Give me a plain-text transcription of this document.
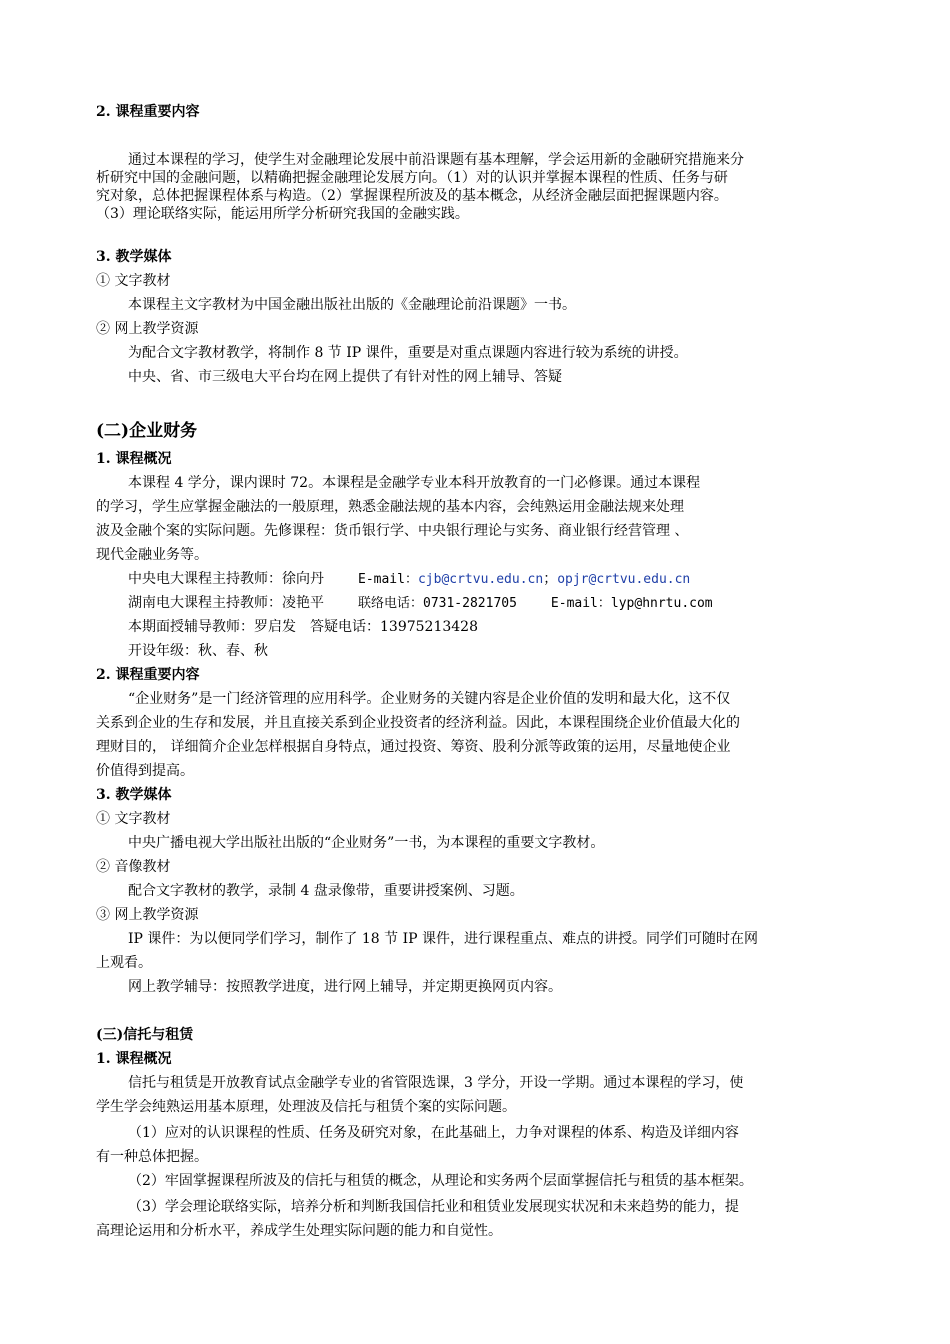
2. 课程重要内容
通过本课程的学习，使学生对金融理论发展中前沿课题有基本理解，学会运用新的金融研究措施来分
析研究中国的金融问题，以精确把握金融理论发展方向。（1）对的认识并掌握本课程的性质、任务与研
究对象，总体把握课程体系与构造。（2）掌握课程所波及的基本概念，从经济金融层面把握课题内容。
（3）理论联络实际，能运用所学分析研究我国的金融实践。
3. 教学媒体
① 文字教材
本课程主文字教材为中国金融出版社出版的《金融理论前沿课题》一书。
② 网上教学资源
为配合文字教材教学，将制作 8 节 IP 课件，重要是对重点课题内容进行较为系统的讲授。
中央、省、市三级电大平台均在网上提供了有针对性的网上辅导、答疑
(二)企业财务
1. 课程概况
本课程 4 学分，课内课时 72。本课程是金融学专业本科开放教育的一门必修课。通过本课程
的学习，学生应掌握金融法的一般原理，熟悉金融法规的基本内容，会纯熟运用金融法规来处理
波及金融个案的实际问题。先修课程：货币银行学、中央银行理论与实务、商业银行经营管理 、
现代金融业务等。
中央电大课程主持教师：徐向丹	E-mail：cjb@crtvu.edu.cn；opjr@crtvu.edu.cn
湖南电大课程主持教师：凌艳平	联络电话：0731-2821705	E-mail：lyp@hnrtu.com
本期面授辅导教师：罗启发 答疑电话：13975213428
开设年级：秋、春、秋
2. 课程重要内容
“企业财务”是一门经济管理的应用科学。企业财务的关键内容是企业价值的发明和最大化，这不仅
关系到企业的生存和发展，并且直接关系到企业投资者的经济利益。因此，本课程围绕企业价值最大化的
理财目的， 详细简介企业怎样根据自身特点，通过投资、筹资、股利分派等政策的运用，尽量地使企业
价值得到提高。
3. 教学媒体
① 文字教材
中央广播电视大学出版社出版的“企业财务”一书，为本课程的重要文字教材。
② 音像教材
配合文字教材的教学，录制 4 盘录像带，重要讲授案例、习题。
③ 网上教学资源
IP 课件：为以便同学们学习，制作了 18 节 IP 课件，进行课程重点、难点的讲授。同学们可随时在网
上观看。
网上教学辅导：按照教学进度，进行网上辅导，并定期更换网页内容。
(三)信托与租赁
1. 课程概况
信托与租赁是开放教育试点金融学专业的省管限选课，3 学分，开设一学期。通过本课程的学习，使
学生学会纯熟运用基本原理，处理波及信托与租赁个案的实际问题。
（1）应对的认识课程的性质、任务及研究对象，在此基础上，力争对课程的体系、构造及详细内容
有一种总体把握。
（2）牢固掌握课程所波及的信托与租赁的概念，从理论和实务两个层面掌握信托与租赁的基本框架。
（3）学会理论联络实际，培养分析和判断我国信托业和租赁业发展现实状况和未来趋势的能力，提
高理论运用和分析水平，养成学生处理实际问题的能力和自觉性。
